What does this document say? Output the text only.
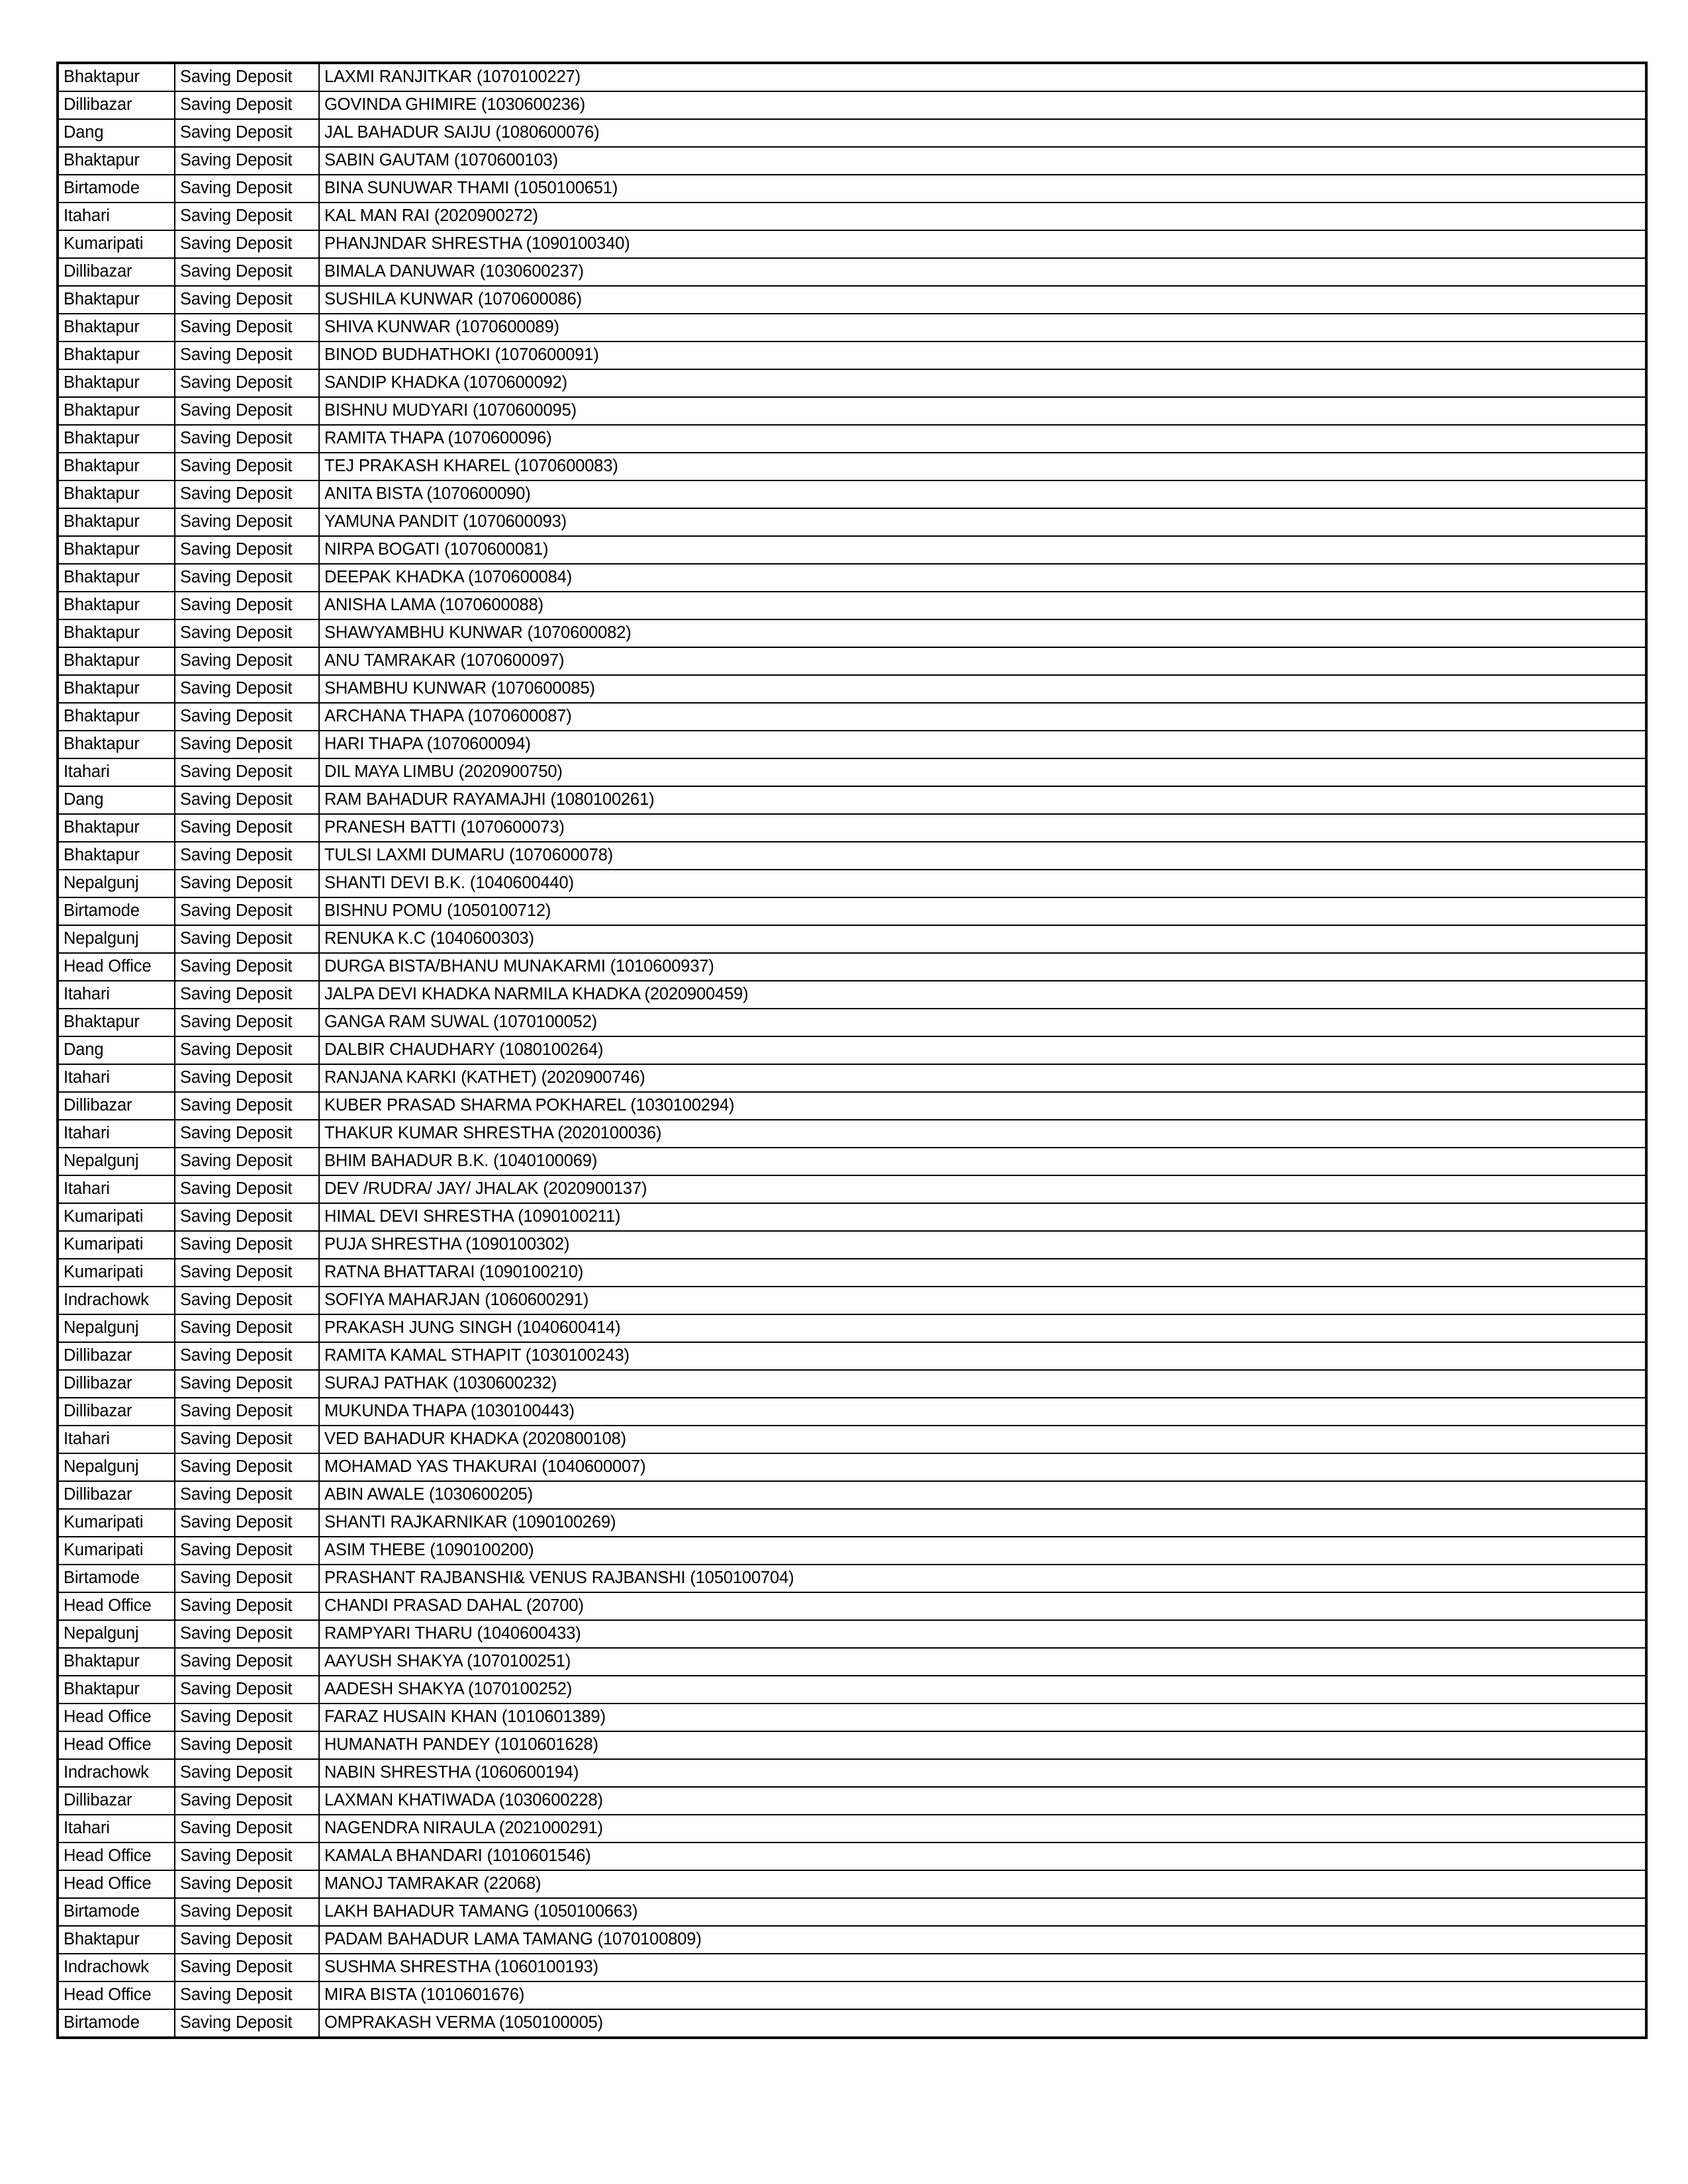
Bhaktapur	Saving Deposit	LAXMI RANJITKAR (1070100227)
Dillibazar	Saving Deposit	GOVINDA GHIMIRE (1030600236)
Dang	Saving Deposit	JAL BAHADUR SAIJU (1080600076)
Bhaktapur	Saving Deposit	SABIN GAUTAM (1070600103)
Birtamode	Saving Deposit	BINA SUNUWAR THAMI (1050100651)
Itahari	Saving Deposit	KAL MAN RAI (2020900272)
Kumaripati	Saving Deposit	PHANJNDAR SHRESTHA (1090100340)
Dillibazar	Saving Deposit	BIMALA DANUWAR (1030600237)
Bhaktapur	Saving Deposit	SUSHILA KUNWAR (1070600086)
Bhaktapur	Saving Deposit	SHIVA KUNWAR (1070600089)
Bhaktapur	Saving Deposit	BINOD BUDHATHOKI (1070600091)
Bhaktapur	Saving Deposit	SANDIP KHADKA (1070600092)
Bhaktapur	Saving Deposit	BISHNU MUDYARI (1070600095)
Bhaktapur	Saving Deposit	RAMITA THAPA (1070600096)
Bhaktapur	Saving Deposit	TEJ PRAKASH KHAREL (1070600083)
Bhaktapur	Saving Deposit	ANITA BISTA (1070600090)
Bhaktapur	Saving Deposit	YAMUNA PANDIT (1070600093)
Bhaktapur	Saving Deposit	NIRPA BOGATI (1070600081)
Bhaktapur	Saving Deposit	DEEPAK KHADKA (1070600084)
Bhaktapur	Saving Deposit	ANISHA LAMA (1070600088)
Bhaktapur	Saving Deposit	SHAWYAMBHU KUNWAR (1070600082)
Bhaktapur	Saving Deposit	ANU TAMRAKAR (1070600097)
Bhaktapur	Saving Deposit	SHAMBHU KUNWAR (1070600085)
Bhaktapur	Saving Deposit	ARCHANA THAPA (1070600087)
Bhaktapur	Saving Deposit	HARI THAPA (1070600094)
Itahari	Saving Deposit	DIL MAYA LIMBU (2020900750)
Dang	Saving Deposit	RAM BAHADUR RAYAMAJHI (1080100261)
Bhaktapur	Saving Deposit	PRANESH BATTI (1070600073)
Bhaktapur	Saving Deposit	TULSI LAXMI DUMARU (1070600078)
Nepalgunj	Saving Deposit	SHANTI DEVI B.K. (1040600440)
Birtamode	Saving Deposit	BISHNU POMU (1050100712)
Nepalgunj	Saving Deposit	RENUKA K.C (1040600303)
Head Office	Saving Deposit	DURGA BISTA/BHANU MUNAKARMI (1010600937)
Itahari	Saving Deposit	JALPA DEVI KHADKA NARMILA KHADKA (2020900459)
Bhaktapur	Saving Deposit	GANGA RAM SUWAL (1070100052)
Dang	Saving Deposit	DALBIR CHAUDHARY (1080100264)
Itahari	Saving Deposit	RANJANA KARKI (KATHET) (2020900746)
Dillibazar	Saving Deposit	KUBER PRASAD SHARMA POKHAREL (1030100294)
Itahari	Saving Deposit	THAKUR KUMAR SHRESTHA (2020100036)
Nepalgunj	Saving Deposit	BHIM BAHADUR B.K. (1040100069)
Itahari	Saving Deposit	DEV /RUDRA/ JAY/ JHALAK (2020900137)
Kumaripati	Saving Deposit	HIMAL DEVI SHRESTHA (1090100211)
Kumaripati	Saving Deposit	PUJA SHRESTHA (1090100302)
Kumaripati	Saving Deposit	RATNA BHATTARAI (1090100210)
Indrachowk	Saving Deposit	SOFIYA MAHARJAN (1060600291)
Nepalgunj	Saving Deposit	PRAKASH JUNG SINGH (1040600414)
Dillibazar	Saving Deposit	RAMITA KAMAL STHAPIT (1030100243)
Dillibazar	Saving Deposit	SURAJ PATHAK (1030600232)
Dillibazar	Saving Deposit	MUKUNDA THAPA (1030100443)
Itahari	Saving Deposit	VED BAHADUR KHADKA (2020800108)
Nepalgunj	Saving Deposit	MOHAMAD YAS THAKURAI (1040600007)
Dillibazar	Saving Deposit	ABIN AWALE (1030600205)
Kumaripati	Saving Deposit	SHANTI RAJKARNIKAR (1090100269)
Kumaripati	Saving Deposit	ASIM THEBE (1090100200)
Birtamode	Saving Deposit	PRASHANT RAJBANSHI& VENUS RAJBANSHI (1050100704)
Head Office	Saving Deposit	CHANDI PRASAD DAHAL (20700)
Nepalgunj	Saving Deposit	RAMPYARI THARU (1040600433)
Bhaktapur	Saving Deposit	AAYUSH SHAKYA (1070100251)
Bhaktapur	Saving Deposit	AADESH SHAKYA (1070100252)
Head Office	Saving Deposit	FARAZ HUSAIN KHAN (1010601389)
Head Office	Saving Deposit	HUMANATH PANDEY (1010601628)
Indrachowk	Saving Deposit	NABIN SHRESTHA (1060600194)
Dillibazar	Saving Deposit	LAXMAN KHATIWADA (1030600228)
Itahari	Saving Deposit	NAGENDRA NIRAULA (2021000291)
Head Office	Saving Deposit	KAMALA BHANDARI (1010601546)
Head Office	Saving Deposit	MANOJ TAMRAKAR (22068)
Birtamode	Saving Deposit	LAKH BAHADUR TAMANG (1050100663)
Bhaktapur	Saving Deposit	PADAM BAHADUR LAMA TAMANG (1070100809)
Indrachowk	Saving Deposit	SUSHMA SHRESTHA (1060100193)
Head Office	Saving Deposit	MIRA BISTA (1010601676)
Birtamode	Saving Deposit	OMPRAKASH VERMA (1050100005)
